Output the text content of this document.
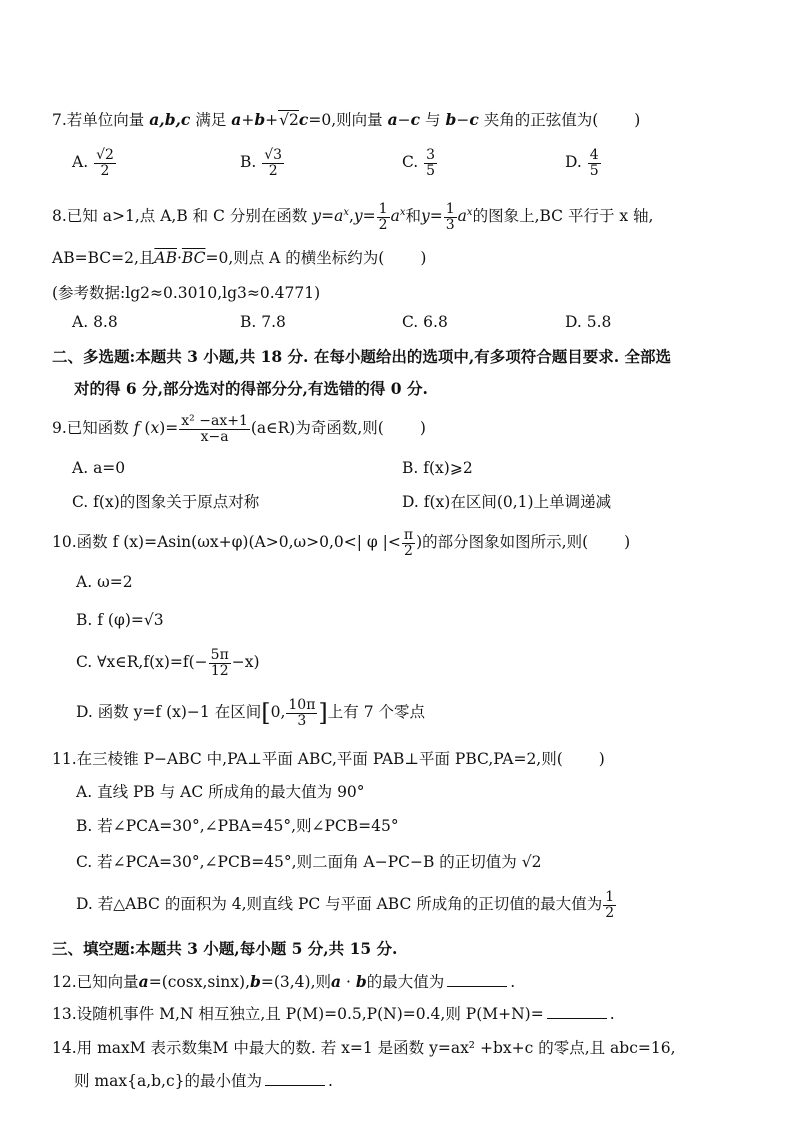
7.若单位向量 a,b,c 满足 a+b+√2c=0,则向量 a−c 与 b−c 夹角的正弦值为( )
A. $\frac{√2}{2}$	B. $\frac{√3}{2}$	C. $\frac{3}{5}$	D. $\frac{4}{5}$
8.已知 a>1,点 A,B 和 C 分别在函数 $y=a^x,y= \frac{1}{2} a^x$和$y= \frac{1}{3} a^x$的图象上,BC 平行于 x 轴,
AB=BC=2,且$\overline{AB}\cdot\overline{BC}=0$,则点 A 的横坐标约为( )
(参考数据:lg2≈0.3010,lg3≈0.4771)
A. 8.8	B. 7.8	C. 6.8	D. 5.8
二、多选题:本题共 3 小题,共 18 分. 在每小题给出的选项中,有多项符合题目要求. 全部选
对的得 6 分,部分选对的得部分分,有选错的得 0 分.
9.已知函数 f $(x)= \frac{\text{x² −ax+1}}{x-a}$ (a∈R)为奇函数,则( )
A. a=0	B. f(x)⩾2
C. f(x)的图象关于原点对称	D. f(x)在区间(0,1)上单调递减
10.函数 f (x)=Asin(ωx+φ)(A>0,ω>0,0<| φ |< $\frac{\pi}{2}$ )的部分图象如图所示,则( )
A. ω=2
B. f (φ)=√3
C. ∀x∈R,f(x)=f(− $\frac{5\pi}{12} -x$)
D. 函数 y=f (x)−1 在区间[0, $\frac{10\pi}{3}$ ]上有 7 个零点
11.在三棱锥 P−ABC 中,PA⊥平面 ABC,平面 PAB⊥平面 PBC,PA=2,则( )
A. 直线 PB 与 AC 所成角的最大值为 90°
B. 若∠PCA=30°,∠PBA=45°,则∠PCB=45°
C. 若∠PCA=30°,∠PCB=45°,则二面角 A−PC−B 的正切值为 √2
D. 若△ABC 的面积为 4,则直线 PC 与平面 ABC 所成角的正切值的最大值为 $\frac{1}{2}$
三、填空题:本题共 3 小题,每小题 5 分,共 15 分.
12.已知向量a=(cosx,sinx),b=(3,4),则a · b的最大值为	.
13.设随机事件 M,N 相互独立,且 P(M)=0.5,P(N)=0.4,则 P(M+N)=	.
14.用 maxM 表示数集M 中最大的数. 若 x=1 是函数 y=ax² +bx+c 的零点,且 abc=16,
则 max{a,b,c}的最小值为	.
